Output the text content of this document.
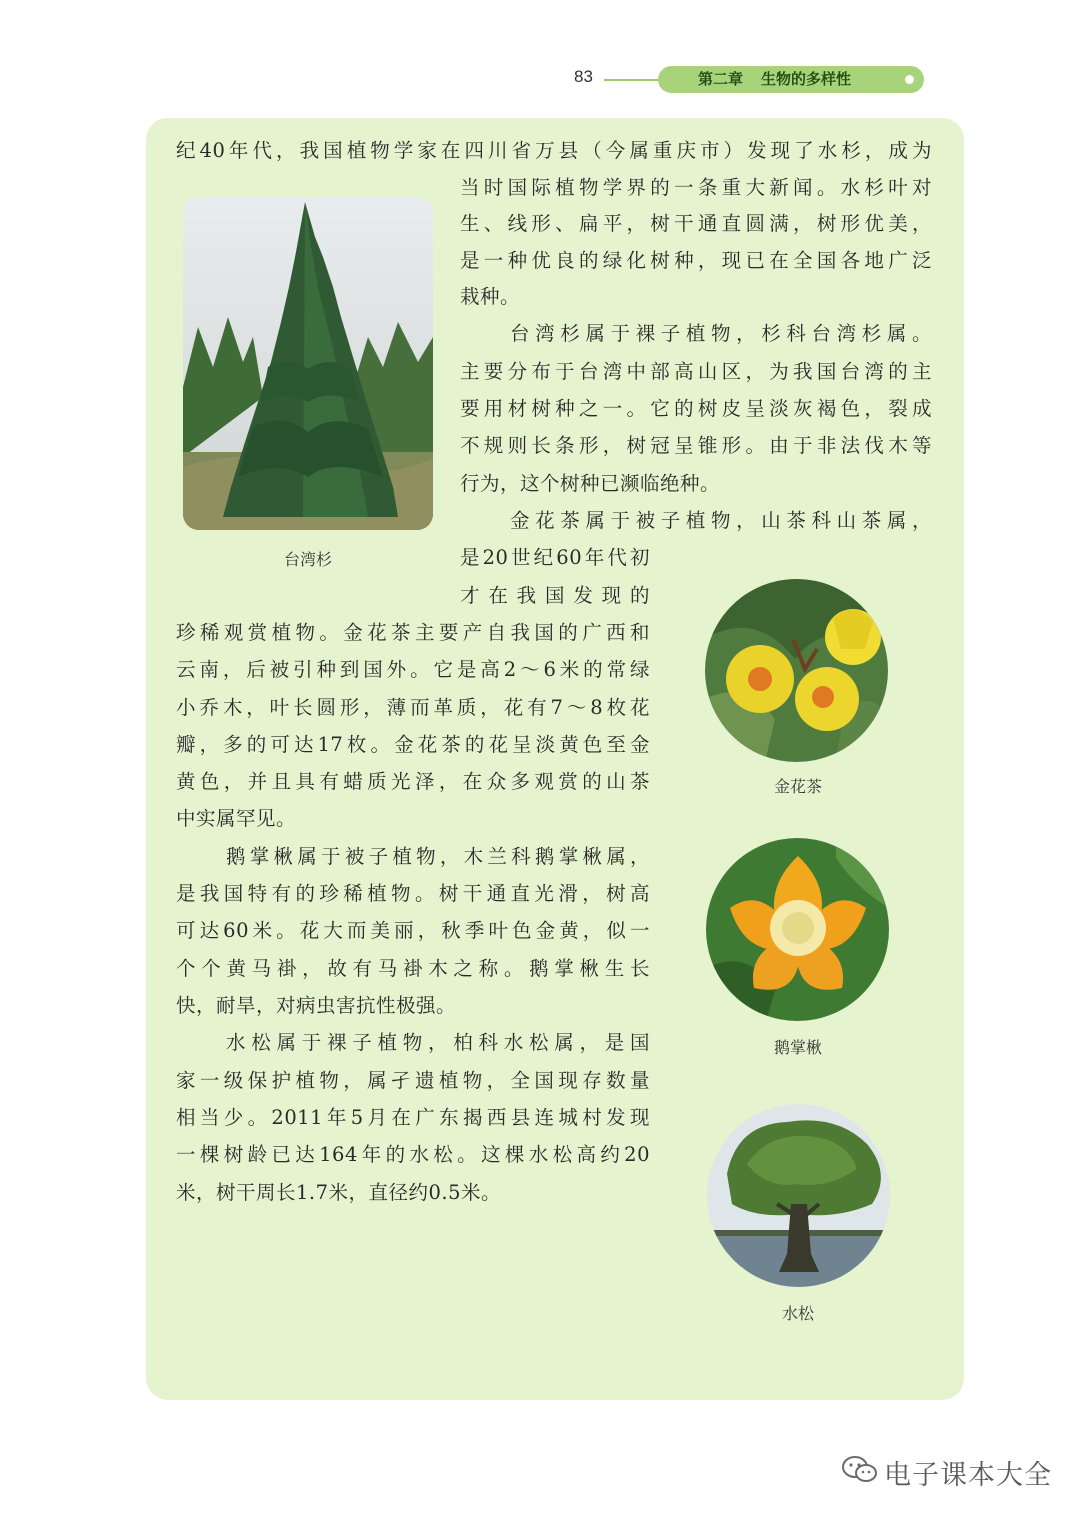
83	第二章 生物的多样性
纪40年代，我国植物学家在四川省万县（今属重庆市）发现了水杉，成为
当时国际植物学界的一条重大新闻。水杉叶对
生、线形、扁平，树干通直圆满，树形优美，
是一种优良的绿化树种，现已在全国各地广泛
栽种。
台湾杉属于裸子植物，杉科台湾杉属。
主要分布于台湾中部高山区，为我国台湾的主
要用材树种之一。它的树皮呈淡灰褐色，裂成
不规则长条形，树冠呈锥形。由于非法伐木等
行为，这个树种已濒临绝种。
金花茶属于被子植物，山茶科山茶属，
是20世纪60年代初
才在我国发现的
珍稀观赏植物。金花茶主要产自我国的广西和
云南，后被引种到国外。它是高2～6米的常绿
小乔木，叶长圆形，薄而革质，花有7～8枚花
瓣，多的可达17枚。金花茶的花呈淡黄色至金
黄色，并且具有蜡质光泽，在众多观赏的山茶
中实属罕见。
鹅掌楸属于被子植物，木兰科鹅掌楸属，
是我国特有的珍稀植物。树干通直光滑，树高
可达60米。花大而美丽，秋季叶色金黄，似一
个个黄马褂，故有马褂木之称。鹅掌楸生长
快，耐旱，对病虫害抗性极强。
水松属于裸子植物，柏科水松属，是国
家一级保护植物，属孑遗植物，全国现存数量
相当少。2011年5月在广东揭西县连城村发现
一棵树龄已达164年的水松。这棵水松高约20
米，树干周长1.7米，直径约0.5米。
台湾杉
金花茶
鹅掌楸
水松
电子课本大全
